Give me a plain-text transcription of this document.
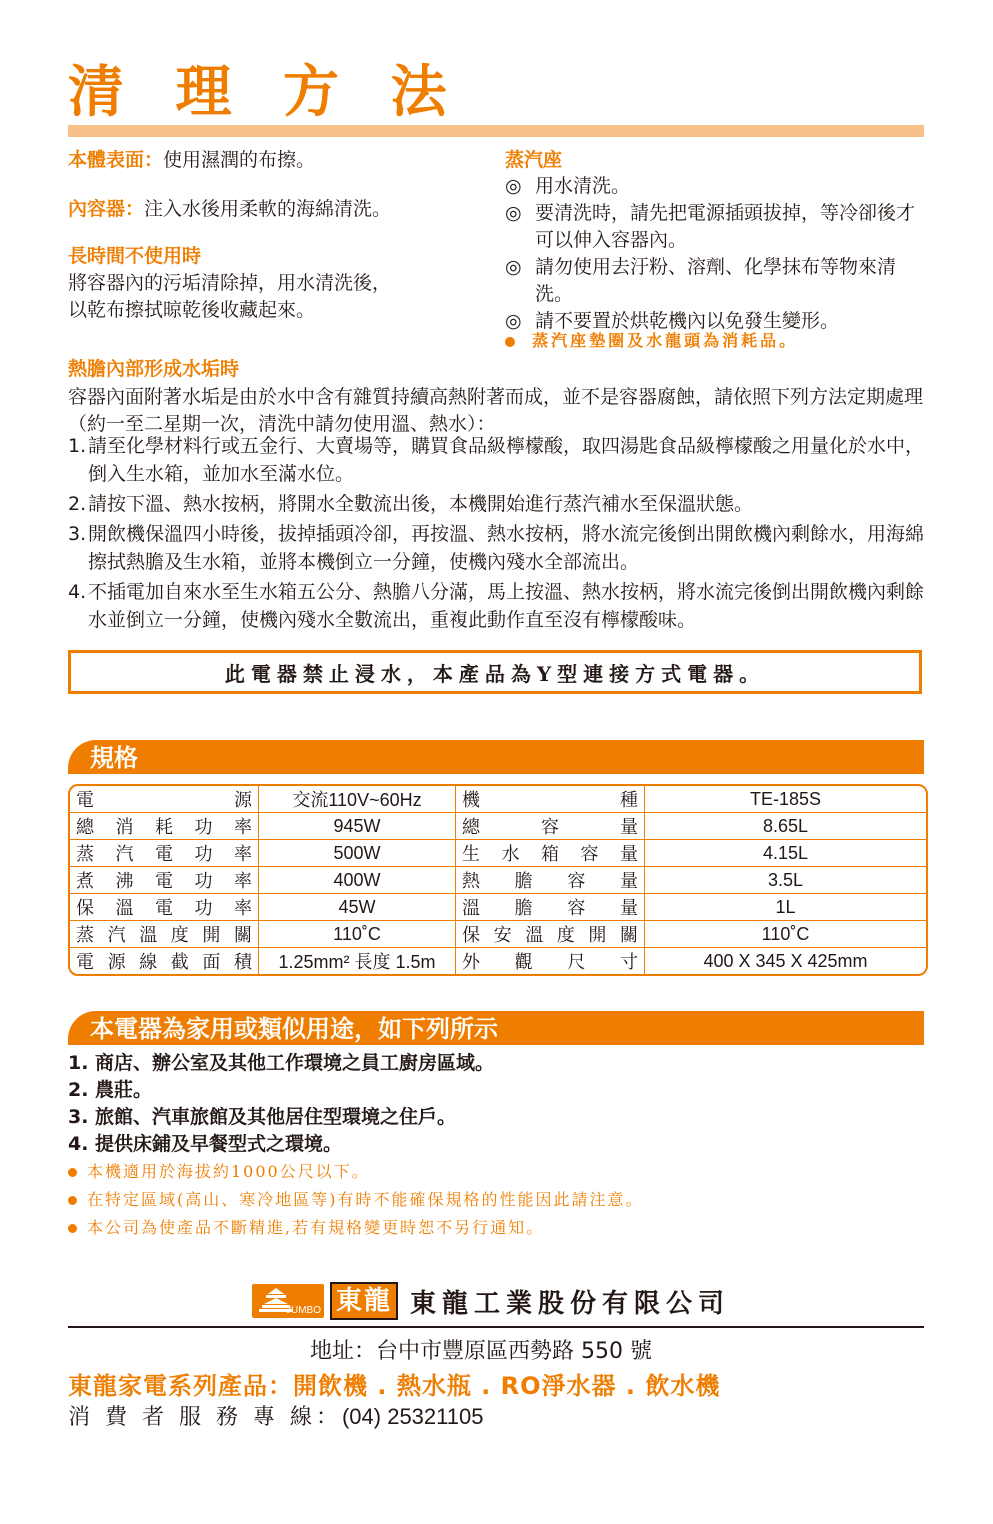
清 理 方 法
本體表面：使用濕潤的布擦。
內容器：注入水後用柔軟的海綿清洗。
長時間不使用時
將容器內的污垢清除掉，用水清洗後，
以乾布擦拭晾乾後收藏起來。
蒸汽座
◎ 用水清洗。
◎ 要清洗時，請先把電源插頭拔掉，等冷卻後才可以伸入容器內。
◎ 請勿使用去汙粉、溶劑、化學抹布等物來清洗。
◎ 請不要置於烘乾機內以免發生變形。
蒸汽座墊圈及水龍頭為消耗品。
熱膽內部形成水垢時
容器內面附著水垢是由於水中含有雜質持續高熱附著而成，並不是容器腐蝕，請依照下列方法定期處理（約一至二星期一次，清洗中請勿使用溫、熱水）：
1. 請至化學材料行或五金行、大賣場等，購買食品級檸檬酸，取四湯匙食品級檸檬酸之用量化於水中，倒入生水箱，並加水至滿水位。
2. 請按下溫、熱水按柄，將開水全數流出後，本機開始進行蒸汽補水至保溫狀態。
3. 開飲機保溫四小時後，拔掉插頭冷卻，再按溫、熱水按柄，將水流完後倒出開飲機內剩餘水，用海綿擦拭熱膽及生水箱，並將本機倒立一分鐘，使機內殘水全部流出。
4. 不插電加自來水至生水箱五公分、熱膽八分滿，馬上按溫、熱水按柄，將水流完後倒出開飲機內剩餘水並倒立一分鐘，使機內殘水全數流出，重複此動作直至沒有檸檬酸味。
此電器禁止浸水，本產品為Y型連接方式電器。
規格
電源	交流110V~60Hz	機種	TE-185S
總消耗功率	945W	總容量	8.65L
蒸汽電功率	500W	生水箱容量	4.15L
煮沸電功率	400W	熱膽容量	3.5L
保溫電功率	45W	溫膽容量	1L
蒸汽溫度開關	110˚C	保安溫度開關	110˚C
電源線截面積	1.25mm² 長度 1.5m	外觀尺寸	400 X 345 X 425mm
本電器為家用或類似用途，如下列所示
1. 商店、辦公室及其他工作環境之員工廚房區域。
2. 農莊。
3. 旅館、汽車旅館及其他居住型環境之住戶。
4. 提供床鋪及早餐型式之環境。
本機適用於海拔約1000公尺以下。
在特定區域(高山、寒冷地區等)有時不能確保規格的性能因此請注意。
本公司為使產品不斷精進,若有規格變更時恕不另行通知。
JUMBO 東龍 東龍工業股份有限公司
地址：台中市豐原區西勢路 550 號
東龍家電系列產品：開飲機 . 熱水瓶 . RO淨水器 . 飲水機
消 費 者 服 務 專 線：(04) 25321105
